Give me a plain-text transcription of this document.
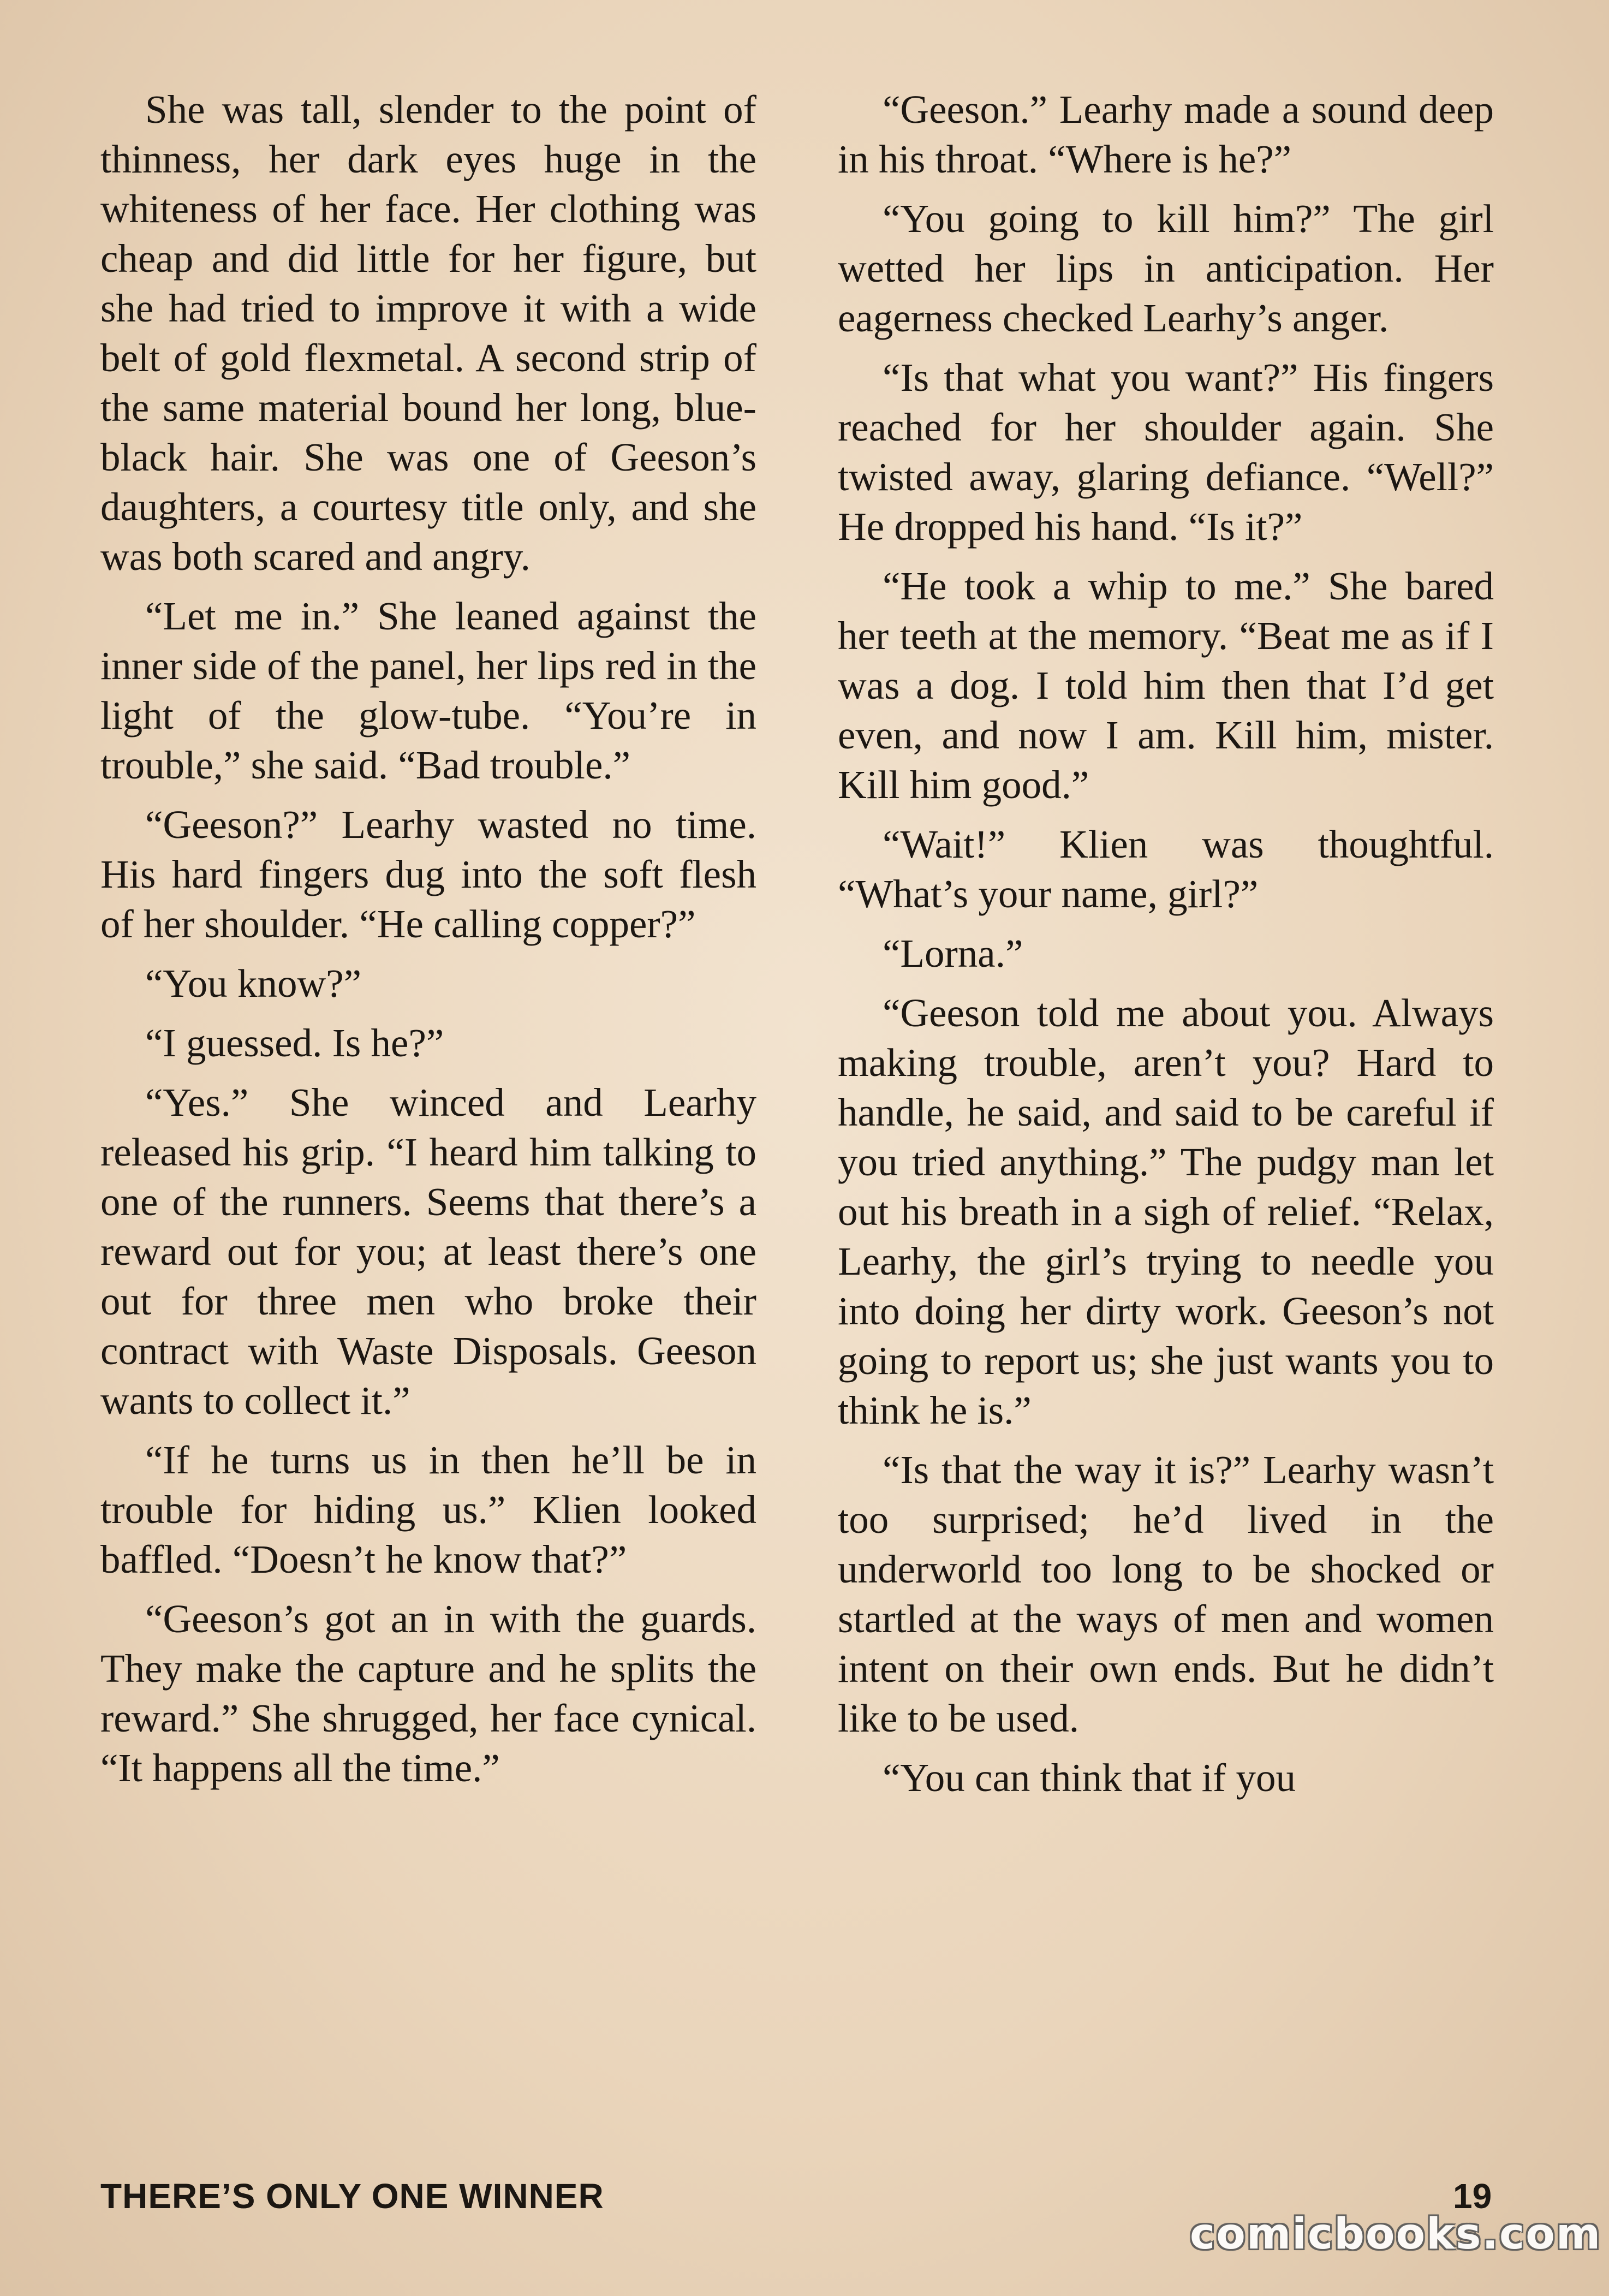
She was tall, slender to the point of thinness, her dark eyes huge in the whiteness of her face. Her clothing was cheap and did little for her figure, but she had tried to improve it with a wide belt of gold flexmetal. A second strip of the same material bound her long, blue-black hair. She was one of Geeson’s daughters, a courtesy title only, and she was both scared and angry.

“Let me in.” She leaned against the inner side of the panel, her lips red in the light of the glow-tube. “You’re in trouble,” she said. “Bad trouble.”

“Geeson?” Learhy wasted no time. His hard fingers dug into the soft flesh of her shoulder. “He calling copper?”

“You know?”

“I guessed. Is he?”

“Yes.” She winced and Learhy released his grip. “I heard him talking to one of the runners. Seems that there’s a reward out for you; at least there’s one out for three men who broke their contract with Waste Disposals. Geeson wants to collect it.”

“If he turns us in then he’ll be in trouble for hiding us.” Klien looked baffled. “Doesn’t he know that?”

“Geeson’s got an in with the guards. They make the capture and he splits the reward.” She shrugged, her face cynical. “It happens all the time.”

“Geeson.” Learhy made a sound deep in his throat. “Where is he?”

“You going to kill him?” The girl wetted her lips in anticipation. Her eagerness checked Learhy’s anger.

“Is that what you want?” His fingers reached for her shoulder again. She twisted away, glaring defiance. “Well?” He dropped his hand. “Is it?”

“He took a whip to me.” She bared her teeth at the memory. “Beat me as if I was a dog. I told him then that I’d get even, and now I am. Kill him, mister. Kill him good.”

“Wait!” Klien was thoughtful. “What’s your name, girl?”

“Lorna.”

“Geeson told me about you. Always making trouble, aren’t you? Hard to handle, he said, and said to be careful if you tried anything.” The pudgy man let out his breath in a sigh of relief. “Relax, Learhy, the girl’s trying to needle you into doing her dirty work. Geeson’s not going to report us; she just wants you to think he is.”

“Is that the way it is?” Learhy wasn’t too surprised; he’d lived in the underworld too long to be shocked or startled at the ways of men and women intent on their own ends. But he didn’t like to be used.

“You can think that if you

THERE’S ONLY ONE WINNER	19
comicbooks.com
